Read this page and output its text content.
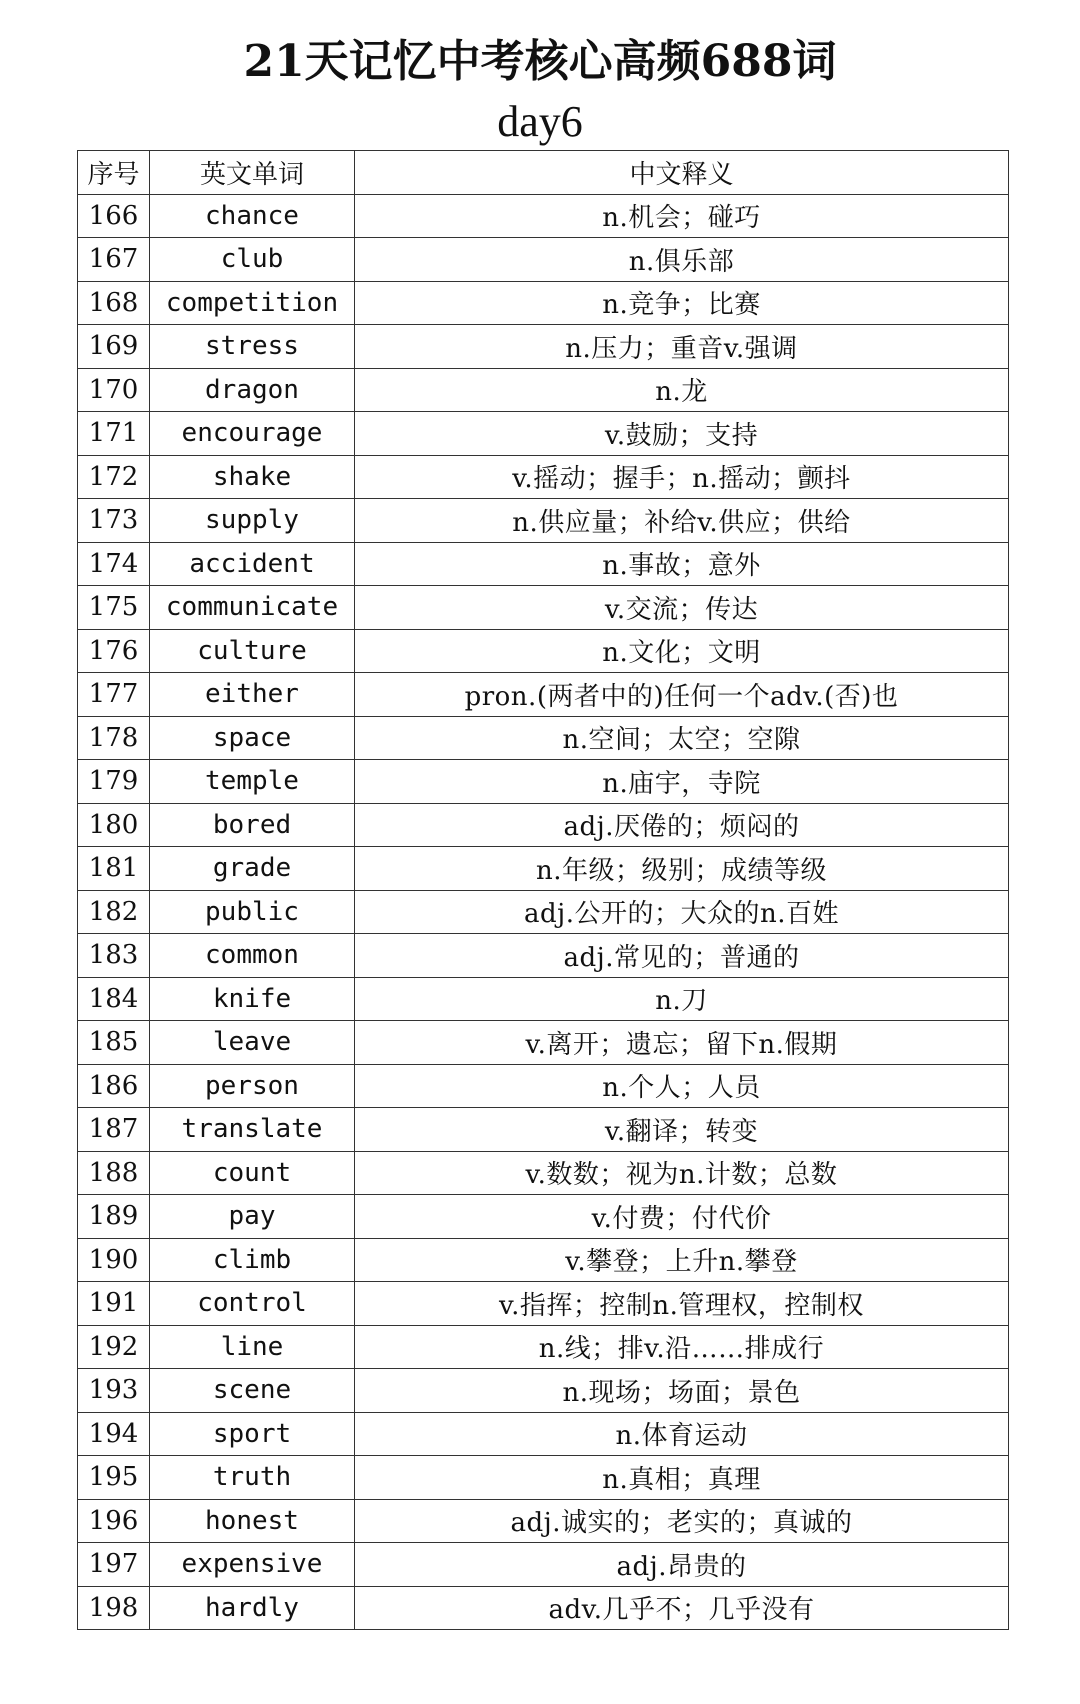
21天记忆中考核心高频688词
day6
序号	英文单词	中文释义
166	chance	n.机会；碰巧
167	club	n.俱乐部
168	competition	n.竞争；比赛
169	stress	n.压力；重音v.强调
170	dragon	n.龙
171	encourage	v.鼓励；支持
172	shake	v.摇动；握手；n.摇动；颤抖
173	supply	n.供应量；补给v.供应；供给
174	accident	n.事故；意外
175	communicate	v.交流；传达
176	culture	n.文化；文明
177	either	pron.(两者中的)任何一个adv.(否)也
178	space	n.空间；太空；空隙
179	temple	n.庙宇，寺院
180	bored	adj.厌倦的；烦闷的
181	grade	n.年级；级别；成绩等级
182	public	adj.公开的；大众的n.百姓
183	common	adj.常见的；普通的
184	knife	n.刀
185	leave	v.离开；遗忘；留下n.假期
186	person	n.个人；人员
187	translate	v.翻译；转变
188	count	v.数数；视为n.计数；总数
189	pay	v.付费；付代价
190	climb	v.攀登；上升n.攀登
191	control	v.指挥；控制n.管理权，控制权
192	line	n.线；排v.沿……排成行
193	scene	n.现场；场面；景色
194	sport	n.体育运动
195	truth	n.真相；真理
196	honest	adj.诚实的；老实的；真诚的
197	expensive	adj.昂贵的
198	hardly	adv.几乎不；几乎没有
